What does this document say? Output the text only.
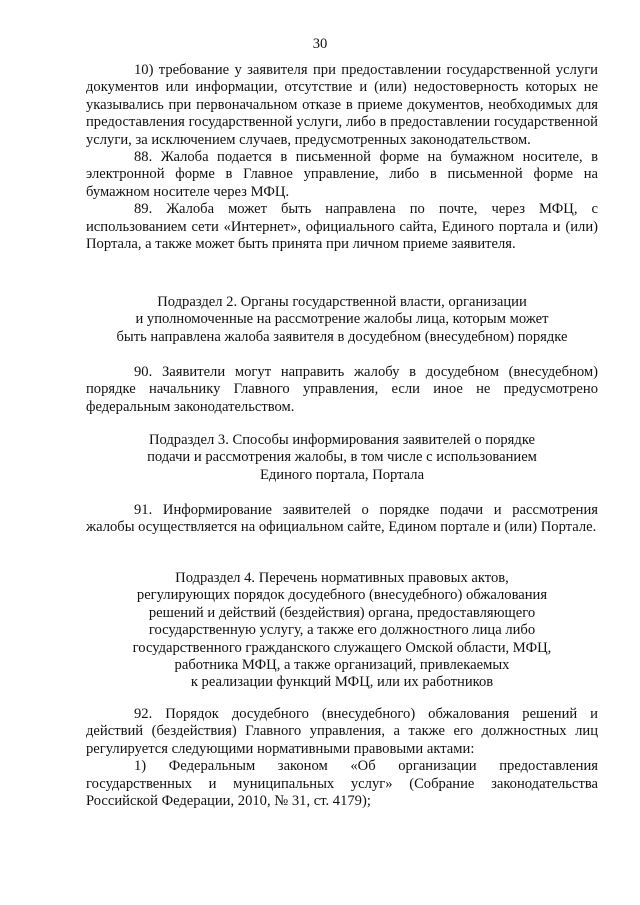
30

10) требование у заявителя при предоставлении государственной услуги документов или информации, отсутствие и (или) недостоверность которых не указывались при первоначальном отказе в приеме документов, необходимых для предоставления государственной услуги, либо в предоставлении государственной услуги, за исключением случаев, предусмотренных законодательством.

88. Жалоба подается в письменной форме на бумажном носителе, в электронной форме в Главное управление, либо в письменной форме на бумажном носителе через МФЦ.

89. Жалоба может быть направлена по почте, через МФЦ, с использованием сети «Интернет», официального сайта, Единого портала и (или) Портала, а также может быть принята при личном приеме заявителя.

Подраздел 2. Органы государственной власти, организации
и уполномоченные на рассмотрение жалобы лица, которым может
быть направлена жалоба заявителя в досудебном (внесудебном) порядке

90. Заявители могут направить жалобу в досудебном (внесудебном) порядке начальнику Главного управления, если иное не предусмотрено федеральным законодательством.

Подраздел 3. Способы информирования заявителей о порядке
подачи и рассмотрения жалобы, в том числе с использованием
Единого портала, Портала

91. Информирование заявителей о порядке подачи и рассмотрения жалобы осуществляется на официальном сайте, Едином портале и (или) Портале.

Подраздел 4. Перечень нормативных правовых актов,
регулирующих порядок досудебного (внесудебного) обжалования
решений и действий (бездействия) органа, предоставляющего
государственную услугу, а также его должностного лица либо
государственного гражданского служащего Омской области, МФЦ,
работника МФЦ, а также организаций, привлекаемых
к реализации функций МФЦ, или их работников

92. Порядок досудебного (внесудебного) обжалования решений и действий (бездействия) Главного управления, а также его должностных лиц регулируется следующими нормативными правовыми актами:

1) Федеральным законом «Об организации предоставления государственных и муниципальных услуг» (Собрание законодательства Российской Федерации, 2010, № 31, ст. 4179);
